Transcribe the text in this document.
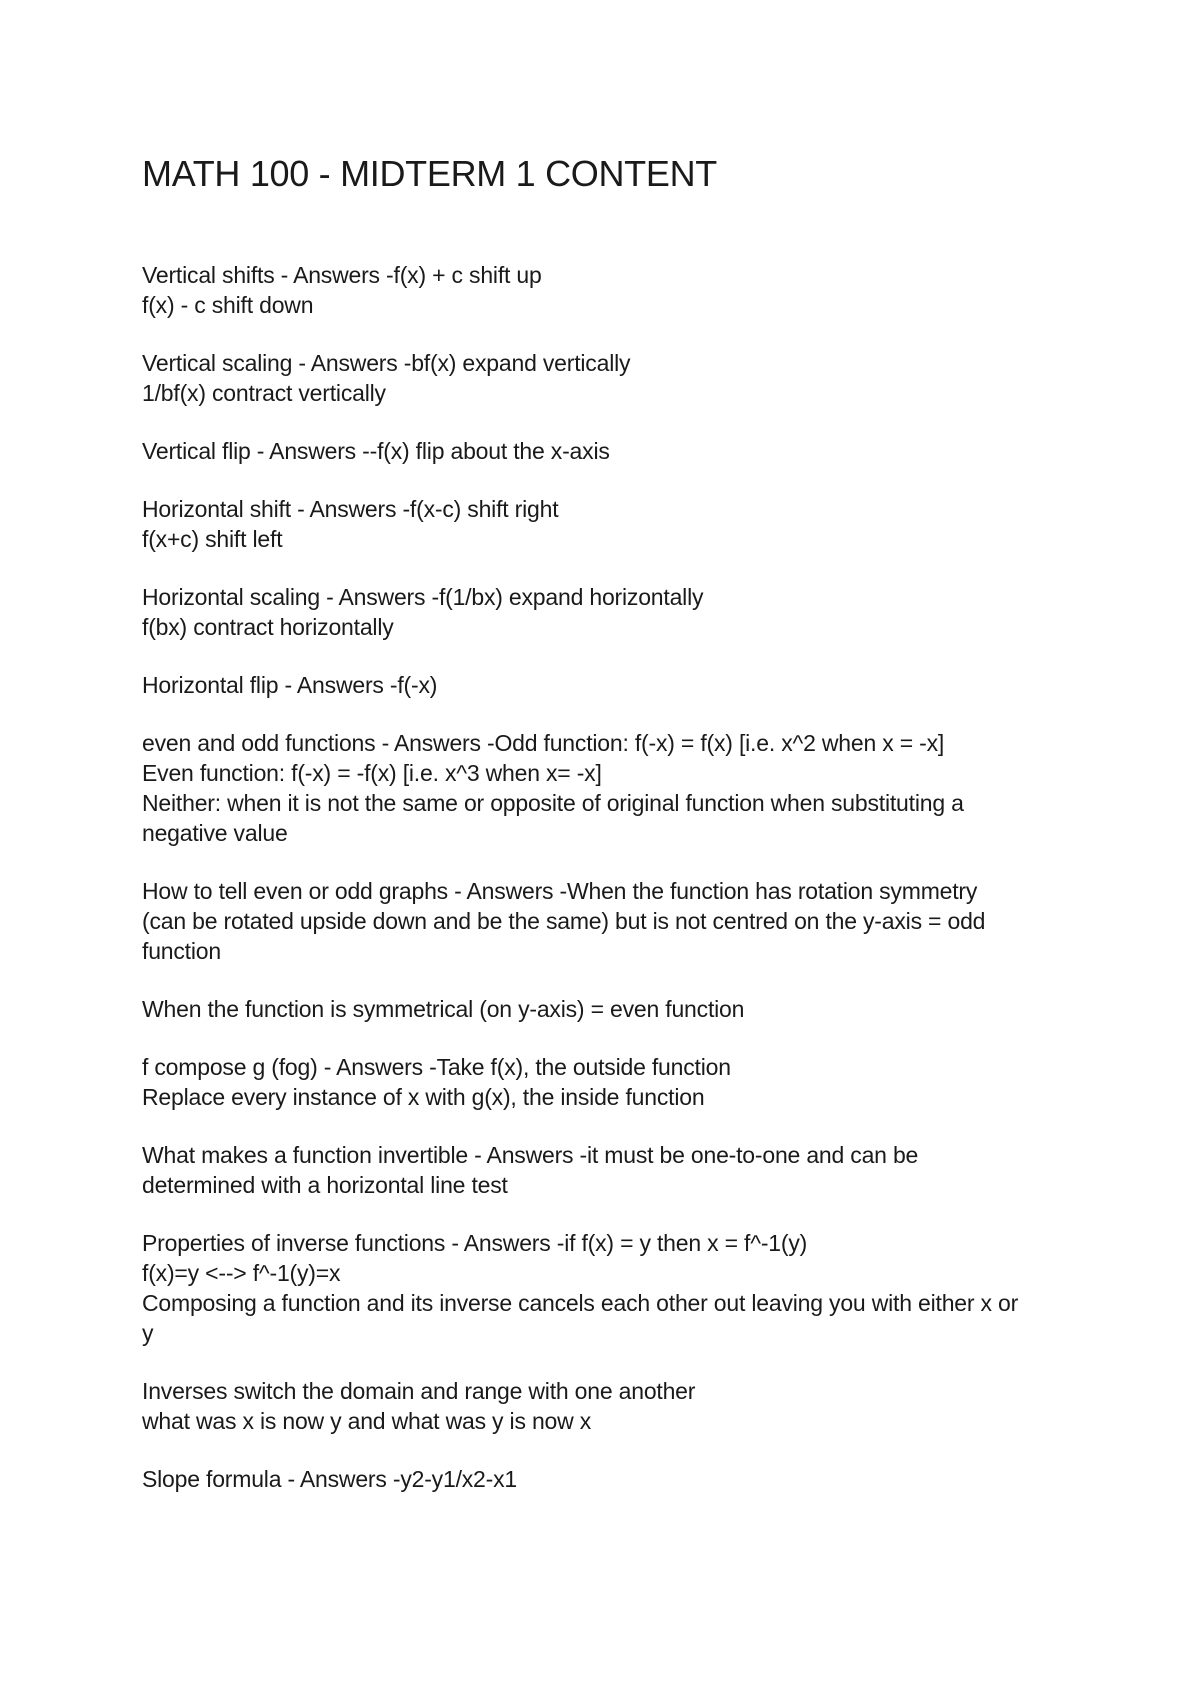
MATH 100 - MIDTERM 1 CONTENT
Vertical shifts - Answers -f(x) + c shift up
f(x) - c shift down
Vertical scaling - Answers -bf(x) expand vertically
1/bf(x) contract vertically
Vertical flip - Answers --f(x) flip about the x-axis
Horizontal shift - Answers -f(x-c) shift right
f(x+c) shift left
Horizontal scaling - Answers -f(1/bx) expand horizontally
f(bx) contract horizontally
Horizontal flip - Answers -f(-x)
even and odd functions - Answers -Odd function: f(-x) = f(x) [i.e. x^2 when x = -x]
Even function: f(-x) = -f(x) [i.e. x^3 when x= -x]
Neither: when it is not the same or opposite of original function when substituting a
negative value
How to tell even or odd graphs - Answers -When the function has rotation symmetry
(can be rotated upside down and be the same) but is not centred on the y-axis = odd
function
When the function is symmetrical (on y-axis) = even function
f compose g (fog) - Answers -Take f(x), the outside function
Replace every instance of x with g(x), the inside function
What makes a function invertible - Answers -it must be one-to-one and can be
determined with a horizontal line test
Properties of inverse functions - Answers -if f(x) = y then x = f^-1(y)
f(x)=y <--> f^-1(y)=x
Composing a function and its inverse cancels each other out leaving you with either x or
y
Inverses switch the domain and range with one another
what was x is now y and what was y is now x
Slope formula - Answers -y2-y1/x2-x1
